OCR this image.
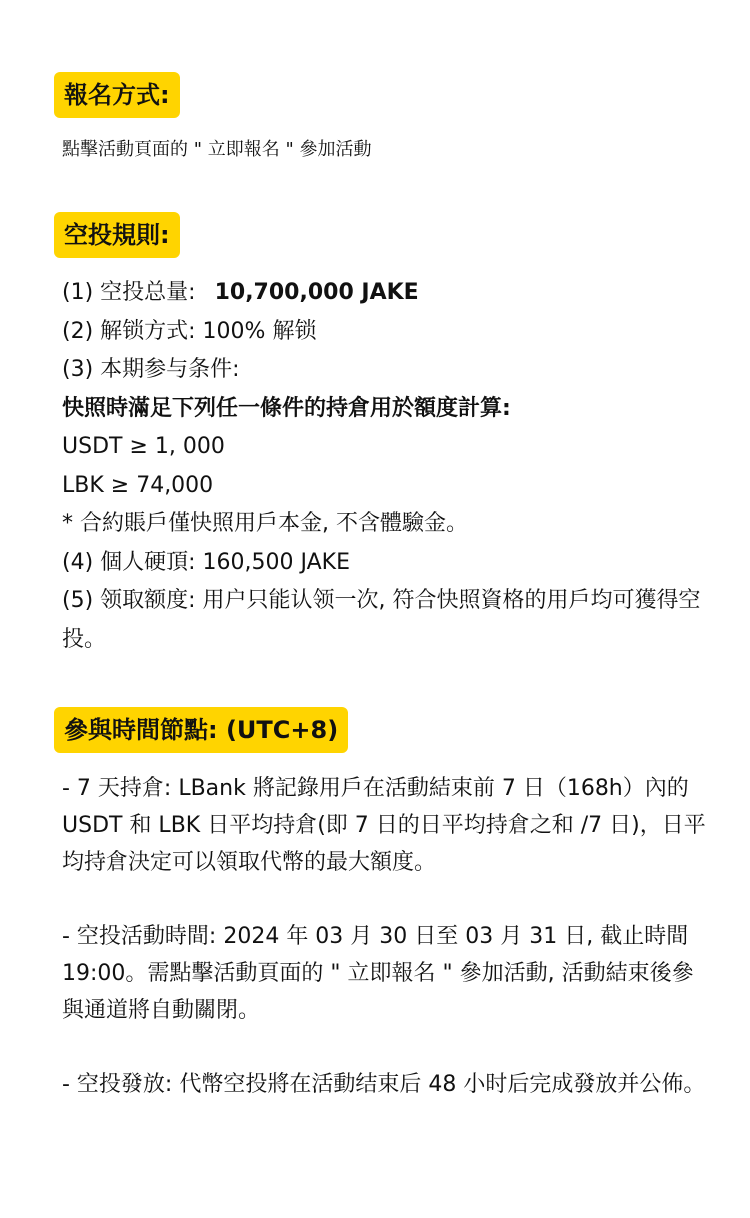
報名方式:
點擊活動頁面的 " 立即報名 " 參加活動
空投規則:
(1) 空投总量: 10,700,000 JAKE
(2) 解锁方式: 100% 解锁
(3) 本期参与条件:
快照時滿足下列任一條件的持倉用於額度計算:
USDT ≥ 1, 000
LBK ≥ 74,000
* 合約賬戶僅快照用戶本金, 不含體驗金。
(4) 個人硬頂: 160,500 JAKE
(5) 领取额度: 用户只能认领一次, 符合快照資格的用戶均可獲得空投。
參與時間節點: (UTC+8)
- 7 天持倉: LBank 將記錄用戶在活動結束前 7 日（168h）內的 USDT 和 LBK 日平均持倉(即 7 日的日平均持倉之和 /7 日)，日平均持倉決定可以領取代幣的最大額度。
- 空投活動時間: 2024 年 03 月 30 日至 03 月 31 日, 截止時間 19:00。需點擊活動頁面的 " 立即報名 " 參加活動, 活動結束後參與通道將自動關閉。
- 空投發放: 代幣空投將在活動结束后 48 小时后完成發放并公佈。
